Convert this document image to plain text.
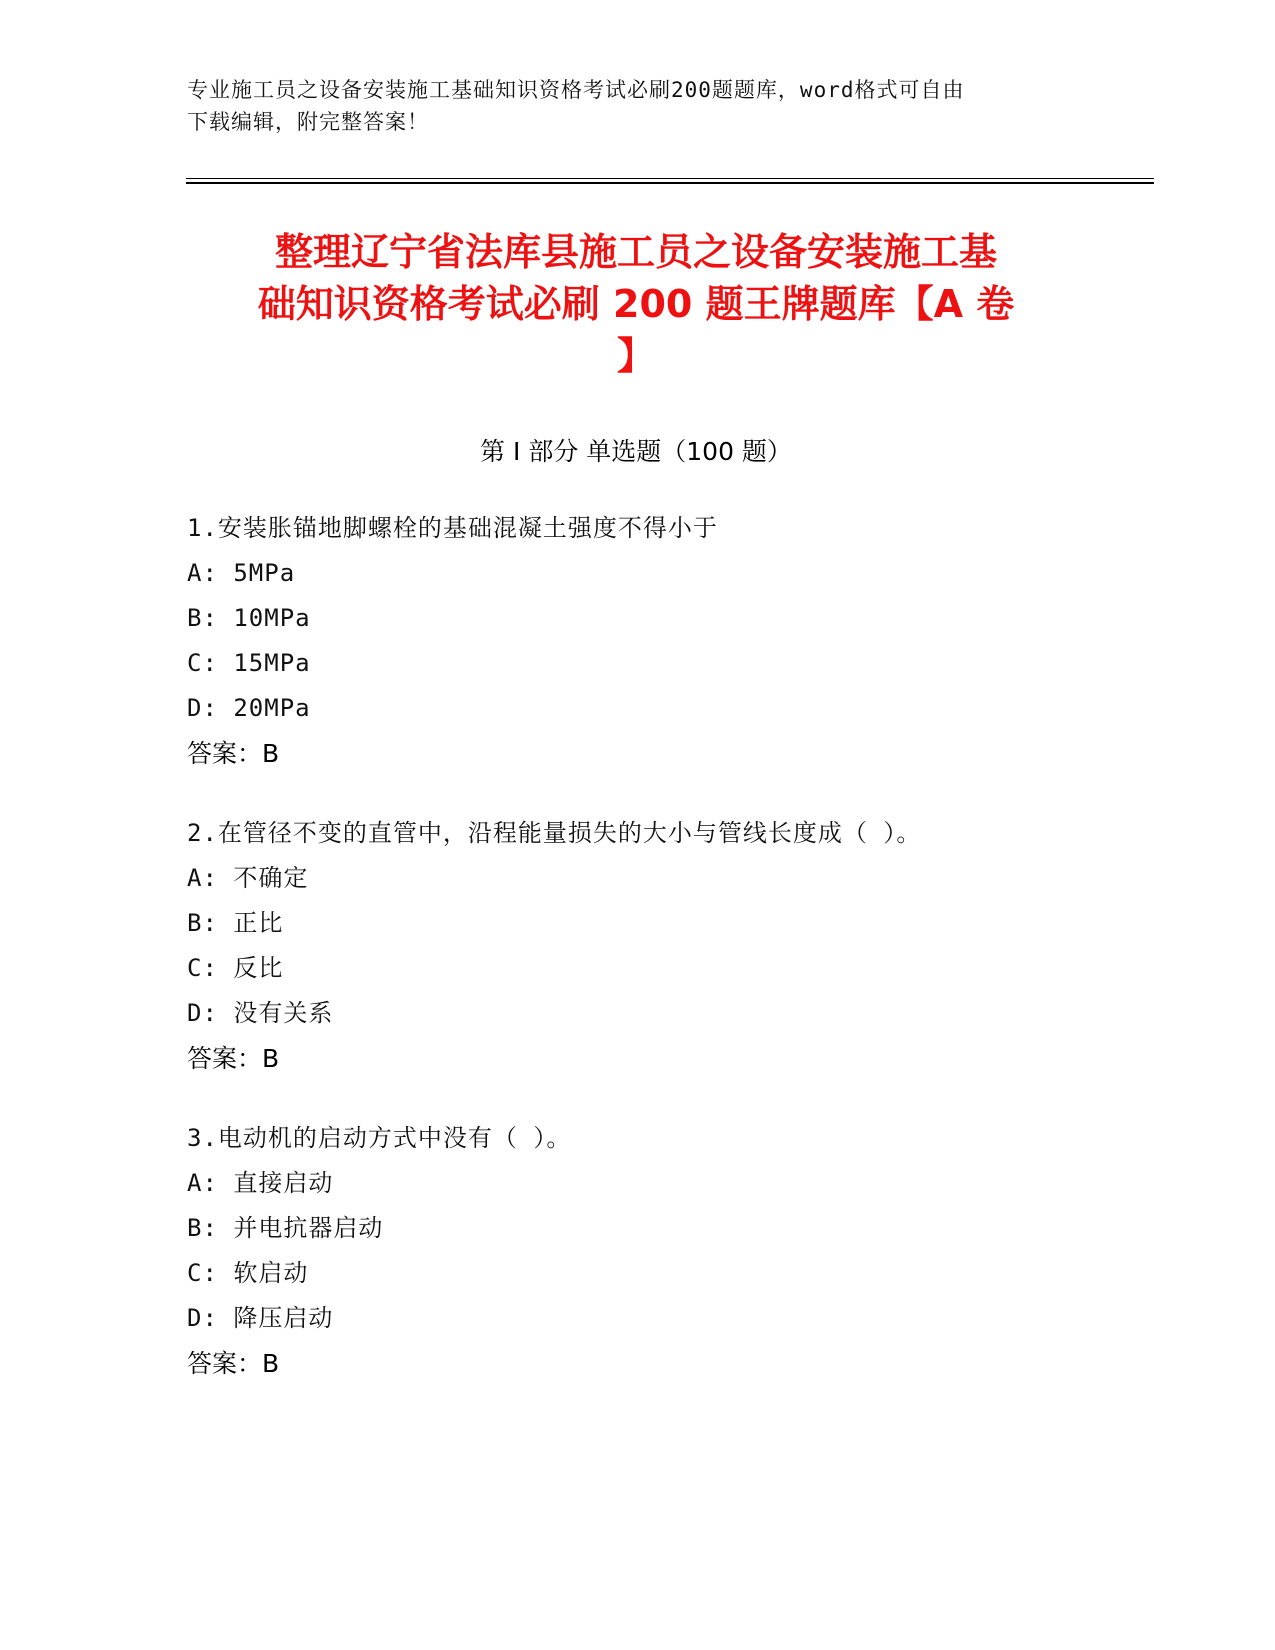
专业施工员之设备安装施工基础知识资格考试必刷200题题库，word格式可自由
下载编辑，附完整答案！
整理辽宁省法库县施工员之设备安装施工基
础知识资格考试必刷 200 题王牌题库【A 卷
】
第 I 部分 单选题（100 题）
1.安装胀锚地脚螺栓的基础混凝土强度不得小于
A: 5MPa
B: 10MPa
C: 15MPa
D: 20MPa
答案：B
2.在管径不变的直管中，沿程能量损失的大小与管线长度成（ ）。
A: 不确定
B: 正比
C: 反比
D: 没有关系
答案：B
3.电动机的启动方式中没有（ ）。
A: 直接启动
B: 并电抗器启动
C: 软启动
D: 降压启动
答案：B
